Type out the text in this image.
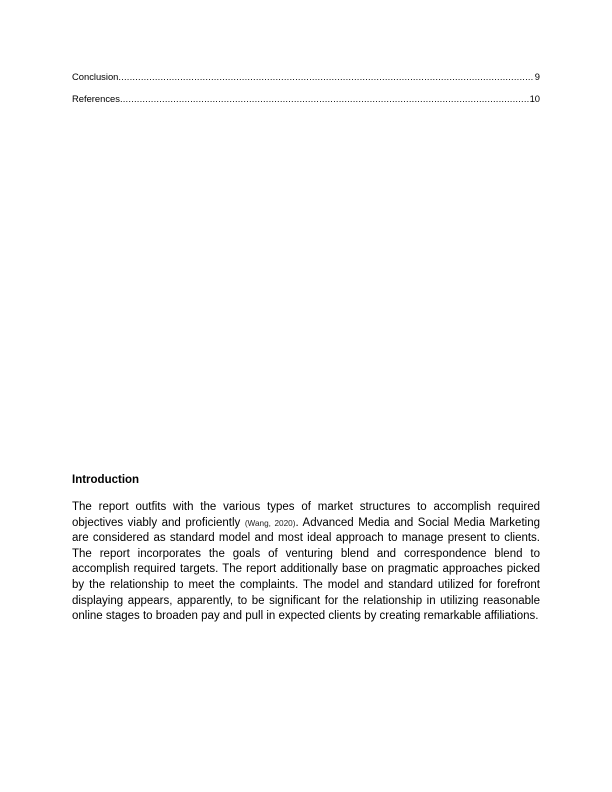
Conclusion .....	9
References .....	10
Introduction

The report outfits with the various types of market structures to accomplish required objectives viably and proficiently (Wang, 2020). Advanced Media and Social Media Marketing are considered as standard model and most ideal approach to manage present to clients. The report incorporates the goals of venturing blend and correspondence blend to accomplish required targets. The report additionally base on pragmatic approaches picked by the relationship to meet the complaints. The model and standard utilized for forefront displaying appears, apparently, to be significant for the relationship in utilizing reasonable online stages to broaden pay and pull in expected clients by creating remarkable affiliations.
